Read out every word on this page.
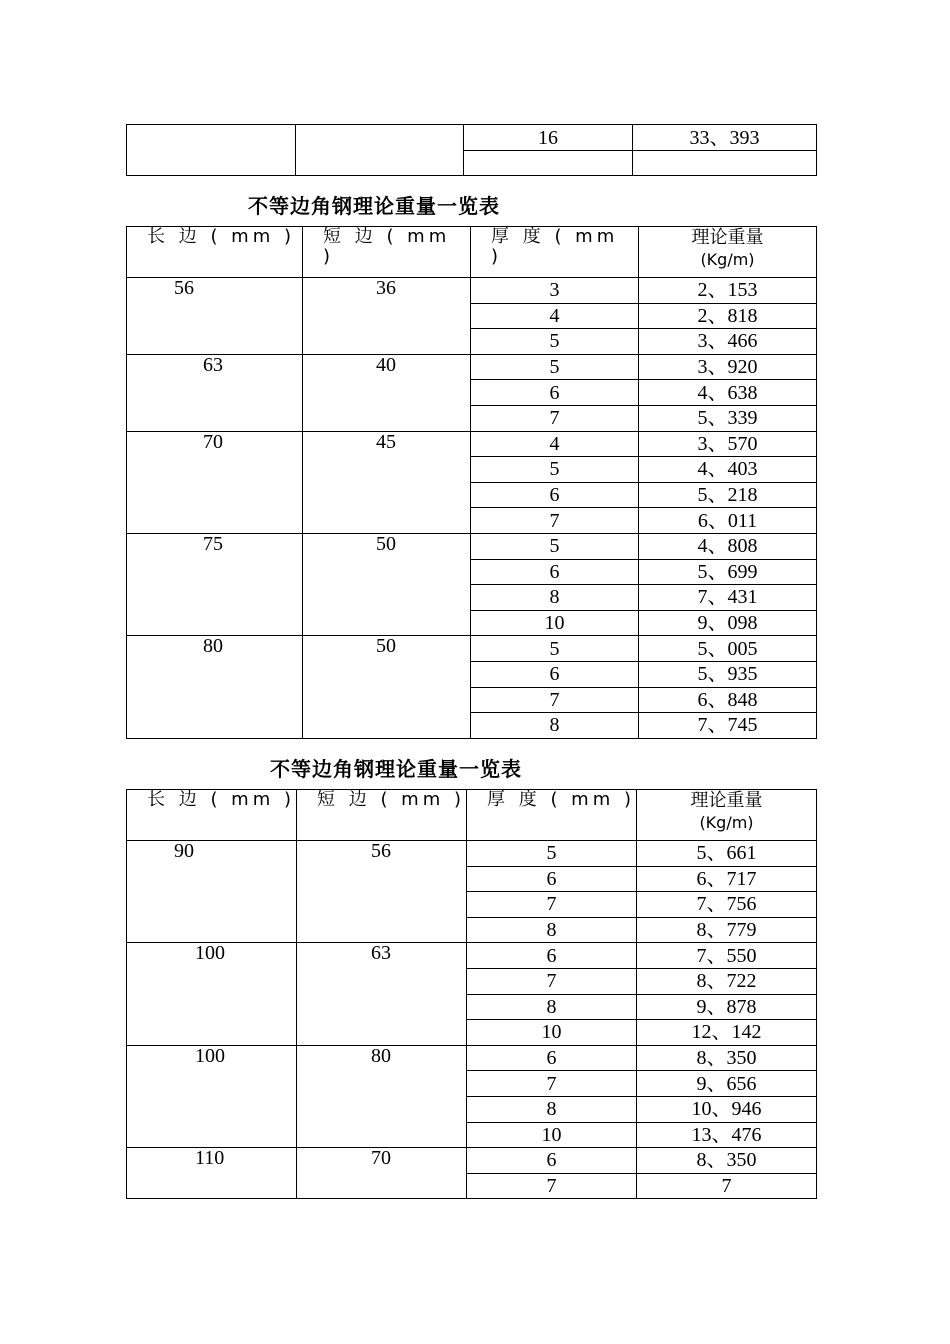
		16	33、393

不等边角钢理论重量一览表
长 边 ( mm )	短 边 ( mm )	厚 度 ( mm )	理论重量
(Kg/m)

56	36	3	2、153
		4	2、818
		5	3、466
63	40	5	3、920
		6	4、638
		7	5、339
70	45	4	3、570
		5	4、403
		6	5、218
		7	6、011
75	50	5	4、808
		6	5、699
		8	7、431
		10	9、098
80	50	5	5、005
		6	5、935
		7	6、848
		8	7、745
不等边角钢理论重量一览表
长 边 ( mm )	短 边 ( mm )	厚 度 ( mm )	理论重量
(Kg/m)

90	56	5	5、661
		6	6、717
		7	7、756
		8	8、779
100	63	6	7、550
		7	8、722
		8	9、878
		10	12、142
100	80	6	8、350
		7	9、656
		8	10、946
		10	13、476
110	70	6	8、350
		7	7
